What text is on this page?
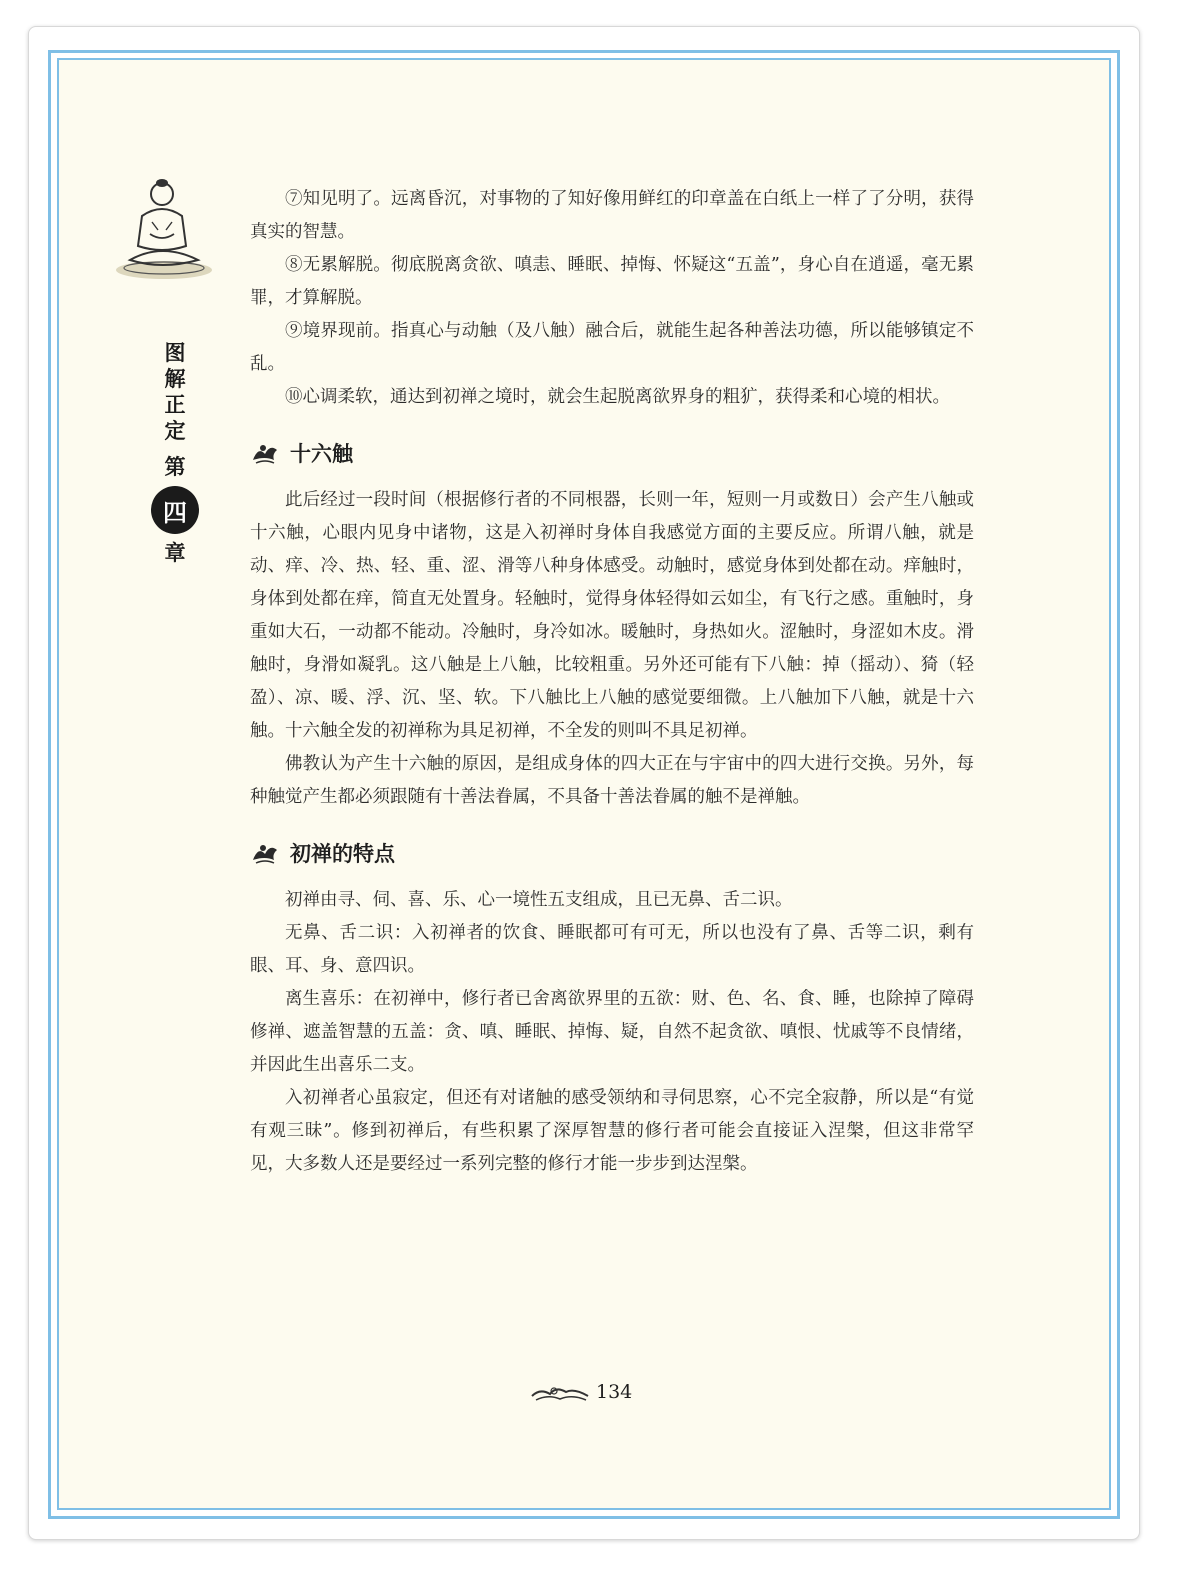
图
解
正
定
第
四
章

⑦知见明了。远离昏沉，对事物的了知好像用鲜红的印章盖在白纸上一样了了分明，获得真实的智慧。

⑧无累解脱。彻底脱离贪欲、嗔恚、睡眠、掉悔、怀疑这“五盖”，身心自在逍遥，毫无累罪，才算解脱。

⑨境界现前。指真心与动触（及八触）融合后，就能生起各种善法功德，所以能够镇定不乱。

⑩心调柔软，通达到初禅之境时，就会生起脱离欲界身的粗犷，获得柔和心境的相状。

十六触

此后经过一段时间（根据修行者的不同根器，长则一年，短则一月或数日）会产生八触或十六触，心眼内见身中诸物，这是入初禅时身体自我感觉方面的主要反应。所谓八触，就是动、痒、冷、热、轻、重、涩、滑等八种身体感受。动触时，感觉身体到处都在动。痒触时，身体到处都在痒，简直无处置身。轻触时，觉得身体轻得如云如尘，有飞行之感。重触时，身重如大石，一动都不能动。冷触时，身冷如冰。暖触时，身热如火。涩触时，身涩如木皮。滑触时，身滑如凝乳。这八触是上八触，比较粗重。另外还可能有下八触：掉（摇动）、猗（轻盈）、凉、暖、浮、沉、坚、软。下八触比上八触的感觉要细微。上八触加下八触，就是十六触。十六触全发的初禅称为具足初禅，不全发的则叫不具足初禅。

佛教认为产生十六触的原因，是组成身体的四大正在与宇宙中的四大进行交换。另外，每种触觉产生都必须跟随有十善法眷属，不具备十善法眷属的触不是禅触。

初禅的特点

初禅由寻、伺、喜、乐、心一境性五支组成，且已无鼻、舌二识。

无鼻、舌二识：入初禅者的饮食、睡眠都可有可无，所以也没有了鼻、舌等二识，剩有眼、耳、身、意四识。

离生喜乐：在初禅中，修行者已舍离欲界里的五欲：财、色、名、食、睡，也除掉了障碍修禅、遮盖智慧的五盖：贪、嗔、睡眠、掉悔、疑，自然不起贪欲、嗔恨、忧戚等不良情绪，并因此生出喜乐二支。

入初禅者心虽寂定，但还有对诸触的感受领纳和寻伺思察，心不完全寂静，所以是“有觉有观三昧”。修到初禅后，有些积累了深厚智慧的修行者可能会直接证入涅槃，但这非常罕见，大多数人还是要经过一系列完整的修行才能一步步到达涅槃。

134
